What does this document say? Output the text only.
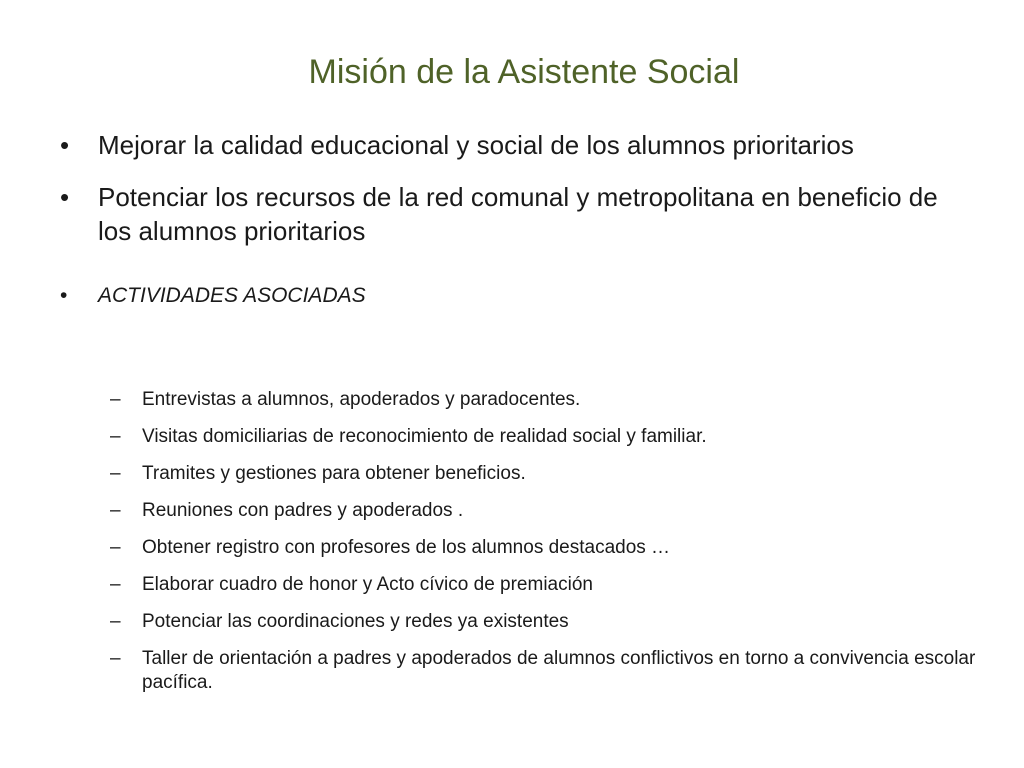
Misión de la Asistente Social
• Mejorar la calidad educacional y social de los alumnos prioritarios
• Potenciar los recursos de la red comunal y metropolitana en beneficio de los alumnos prioritarios
• ACTIVIDADES ASOCIADAS
– Entrevistas a alumnos, apoderados y paradocentes.
– Visitas domiciliarias de reconocimiento de realidad social y familiar.
– Tramites y gestiones para obtener beneficios.
– Reuniones con padres y apoderados .
– Obtener registro con profesores de los alumnos destacados …
– Elaborar cuadro de honor y Acto cívico de premiación
– Potenciar las coordinaciones y redes ya existentes
– Taller de orientación a padres y apoderados de alumnos conflictivos en torno a convivencia escolar pacífica.
